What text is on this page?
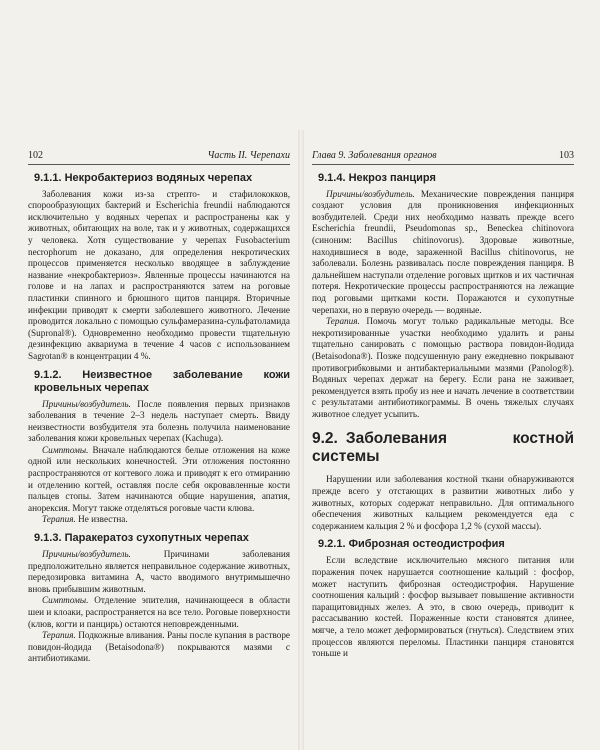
102	Часть II. Черепахи
9.1.1. Некробактериоз водяных черепах

Заболевания кожи из-за стрепто- и стафилококков, спорообразующих бактерий и Escherichia freundii наблюдаются исключительно у водяных черепах и распространены как у животных, обитающих на воле, так и у животных, содержащихся у человека. Хотя существование у черепах Fusobacterium necrophorum не доказано, для определения некротических процессов применяется несколько вводящее в заблуждение название «некробактериоз». Явленные процессы начинаются на голове и на лапах и распространяются затем на роговые пластинки спинного и брюшного щитов панциря. Вторичные инфекции приводят к смерти заболевшего животного. Лечение проводится локально с помощью сульфамеразина-сульфатоламида (Supronal®). Одновременно необходимо провести тщательную дезинфекцию аквариума в течение 4 часов с использованием Sagrotan® в концентрации 4 %.

9.1.2. Неизвестное заболевание кожи кровельных черепах

Причины/возбудитель. После появления первых признаков заболевания в течение 2–3 недель наступает смерть. Ввиду неизвестности возбудителя эта болезнь получила наименование заболевания кожи кровельных черепах (Kachuga).

Симптомы. Вначале наблюдаются белые отложения на коже одной или нескольких конечностей. Эти отложения постоянно распространяются от когтевого ложа и приводят к его отмиранию и отделению когтей, оставляя после себя окровавленные кости пальцев стопы. Затем начинаются общие нарушения, апатия, анорексия. Могут также отделяться роговые части клюва.

Терапия. Не известна.

9.1.3. Паракератоз сухопутных черепах

Причины/возбудитель. Причинами заболевания предположительно является неправильное содержание животных, передозировка витамина А, часто вводимого внутримышечно вновь прибывшим животным.

Симптомы. Отделение эпителия, начинающееся в области шеи и клоаки, распространяется на все тело. Роговые поверхности (клюв, когти и панцирь) остаются неповрежденными.

Терапия. Подкожные вливания. Раны после купания в растворе повидон-йодида (Betaisodona®) покрываются мазями с антибиотиками.

Глава 9. Заболевания органов	103
9.1.4. Некроз панциря

Причины/возбудитель. Механические повреждения панциря создают условия для проникновения инфекционных возбудителей. Среди них необходимо назвать прежде всего Escherichia freundii, Pseudomonas sp., Beneckea chitinovora (синоним: Bacillus chitinovorus). Здоровые животные, находившиеся в воде, зараженной Bacillus chitinovorus, не заболевали. Болезнь развивалась после повреждения панциря. В дальнейшем наступали отделение роговых щитков и их частичная потеря. Некротические процессы распространяются на лежащие под роговыми щитками кости. Поражаются и сухопутные черепахи, но в первую очередь — водяные.

Терапия. Помочь могут только радикальные методы. Все некротизированные участки необходимо удалить и раны тщательно санировать с помощью раствора повидон-йодида (Betaisodona®). Позже подсушенную рану ежедневно покрывают противогрибковыми и антибактериальными мазями (Panolog®). Водяных черепах держат на берегу. Если рана не заживает, рекомендуется взять пробу из нее и начать лечение в соответствии с результатами антибиотикограммы. В очень тяжелых случаях животное следует усыпить.

9.2. Заболевания костной системы

Нарушении или заболевания костной ткани обнаруживаются прежде всего у отстающих в развитии животных либо у животных, которых содержат неправильно. Для оптимального обеспечения животных кальцием рекомендуется еда с содержанием кальция 2 % и фосфора 1,2 % (сухой массы).

9.2.1. Фиброзная остеодистрофия

Если вследствие исключительно мясного питания или поражения почек нарушается соотношение кальций : фосфор, может наступить фиброзная остеодистрофия. Нарушение соотношения кальций : фосфор вызывает повышение активности паращитовидных желез. А это, в свою очередь, приводит к рассасыванию костей. Пораженные кости становятся длинее, мягче, а тело может деформироваться (гнуться). Следствием этих процессов являются переломы. Пластинки панциря становятся тоньше и
